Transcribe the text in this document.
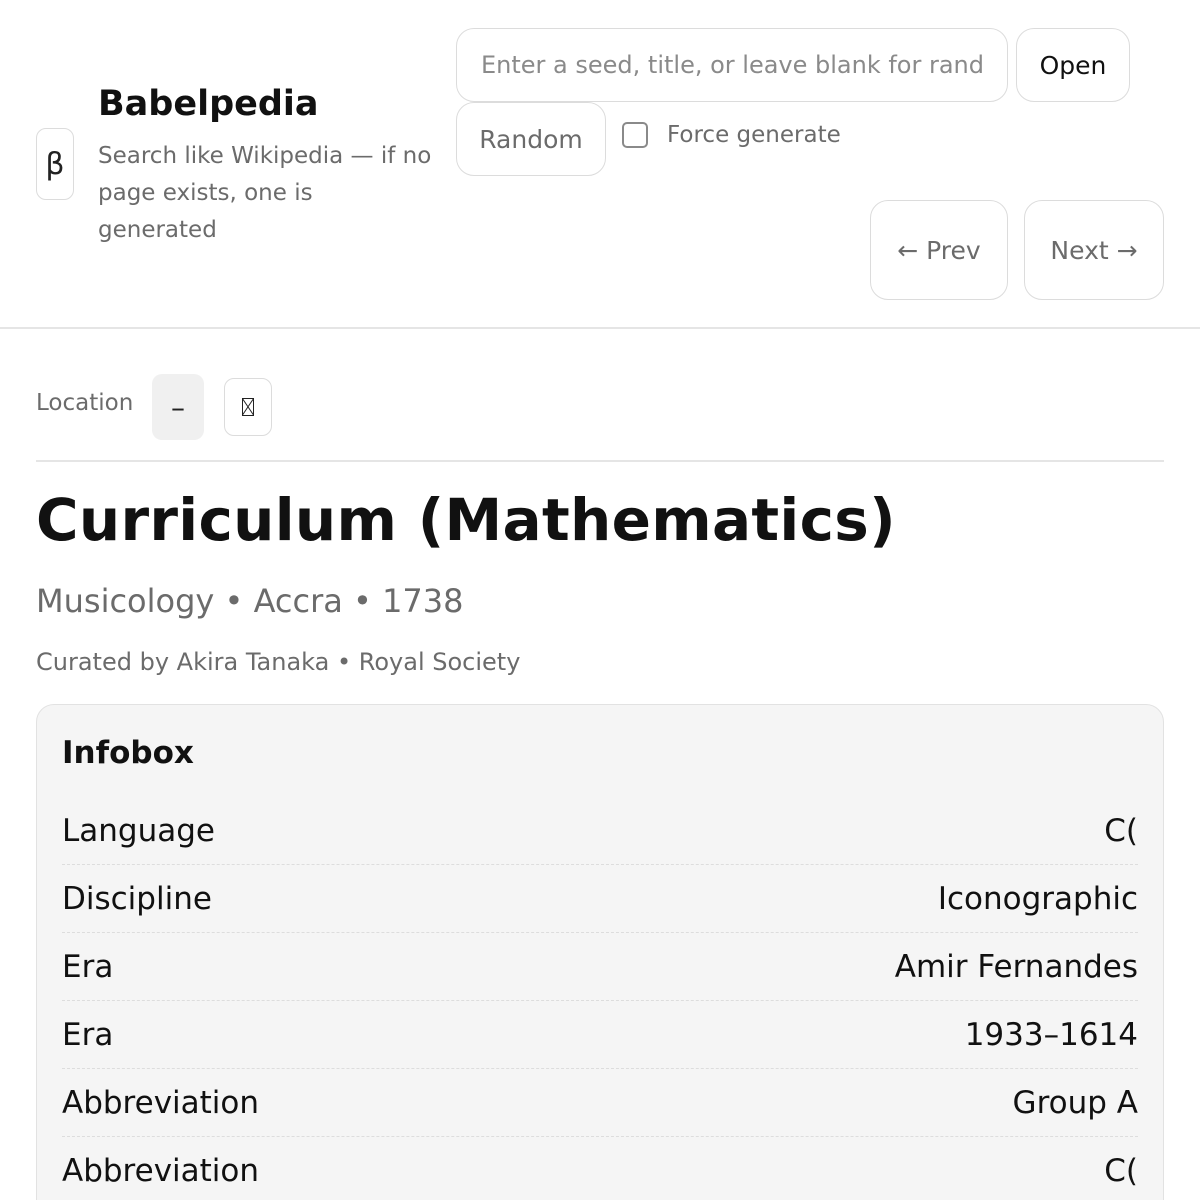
β
Babelpedia
Search like Wikipedia — if no page exists, one is generated
Enter a seed, title, or leave blank for random
Open
Random	Force generate
← Prev	Next →
Location	–
Curriculum (Mathematics)
Musicology • Accra • 1738
Curated by Akira Tanaka • Royal Society
Infobox
Language	C(
Discipline	Iconographic
Era	Amir Fernandes
Era	1933–1614
Abbreviation	Group A
Abbreviation	C(
